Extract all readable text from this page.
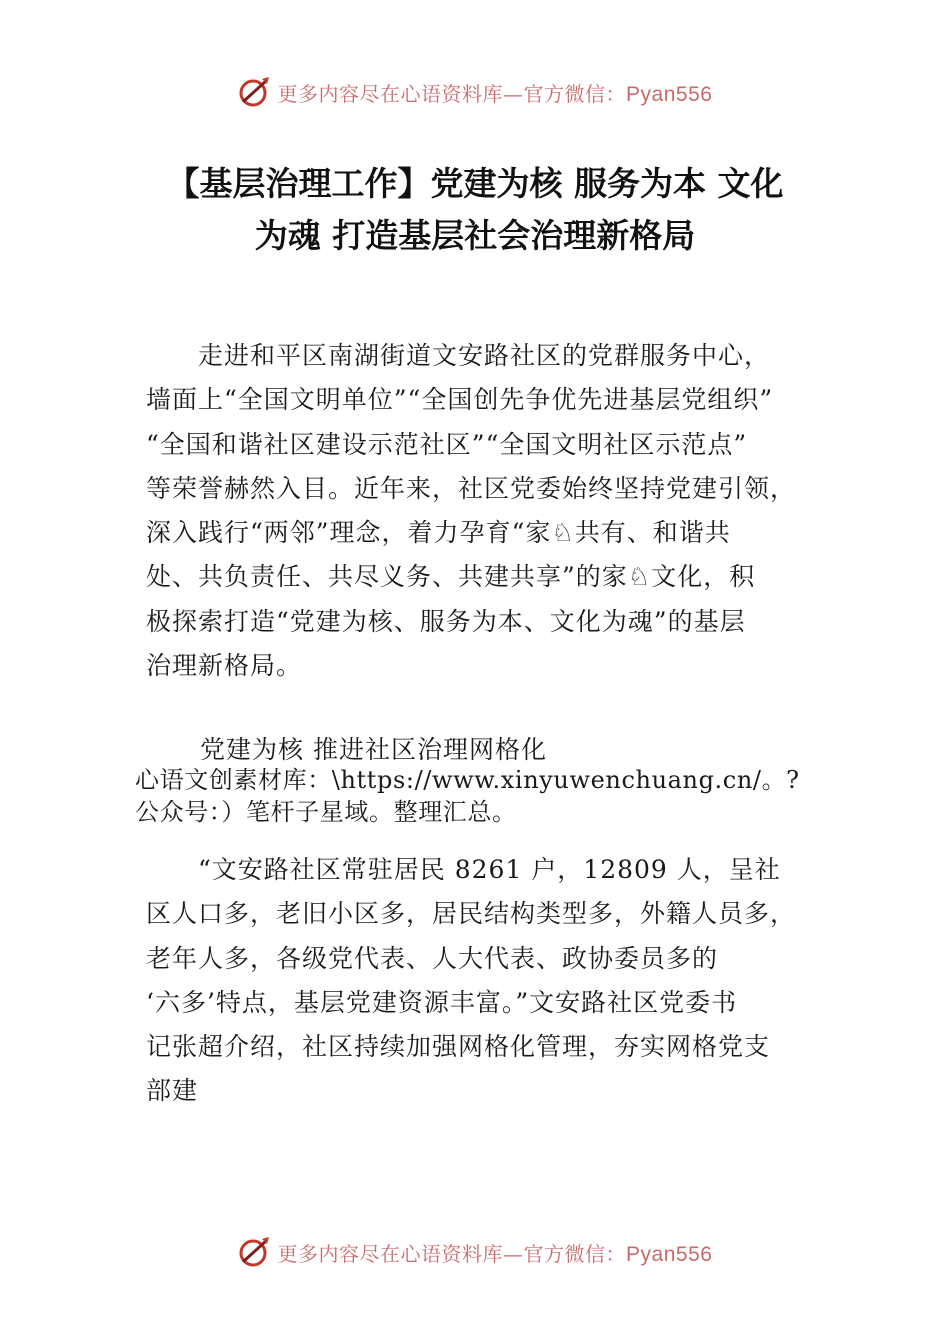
更多内容尽在心语资料库—官方微信：Pyan556
【基层治理工作】党建为核 服务为本 文化
为魂 打造基层社会治理新格局
　　走进和平区南湖街道文安路社区的党群服务中心，
墙面上“全国文明单位”“全国创先争优先进基层党组织”
“全国和谐社区建设示范社区”“全国文明社区示范点”
等荣誉赫然入目。近年来，社区党委始终坚持党建引领，
深入践行“两邻”理念，着力孕育“家♘共有、和谐共
处、共负责任、共尽义务、共建共享”的家♘文化，积
极探索打造“党建为核、服务为本、文化为魂”的基层
治理新格局。
党建为核 推进社区治理网格化
心语文创素材库：\https://www.xinyuwenchuang.cn/。?
公众号：）笔杆子星域。整理汇总。
　　“文安路社区常驻居民 8261 户，12809 人，呈社
区人口多，老旧小区多，居民结构类型多，外籍人员多，
老年人多，各级党代表、人大代表、政协委员多的
‘六多’特点，基层党建资源丰富。”文安路社区党委书
记张超介绍，社区持续加强网格化管理，夯实网格党支
部建
更多内容尽在心语资料库—官方微信：Pyan556
